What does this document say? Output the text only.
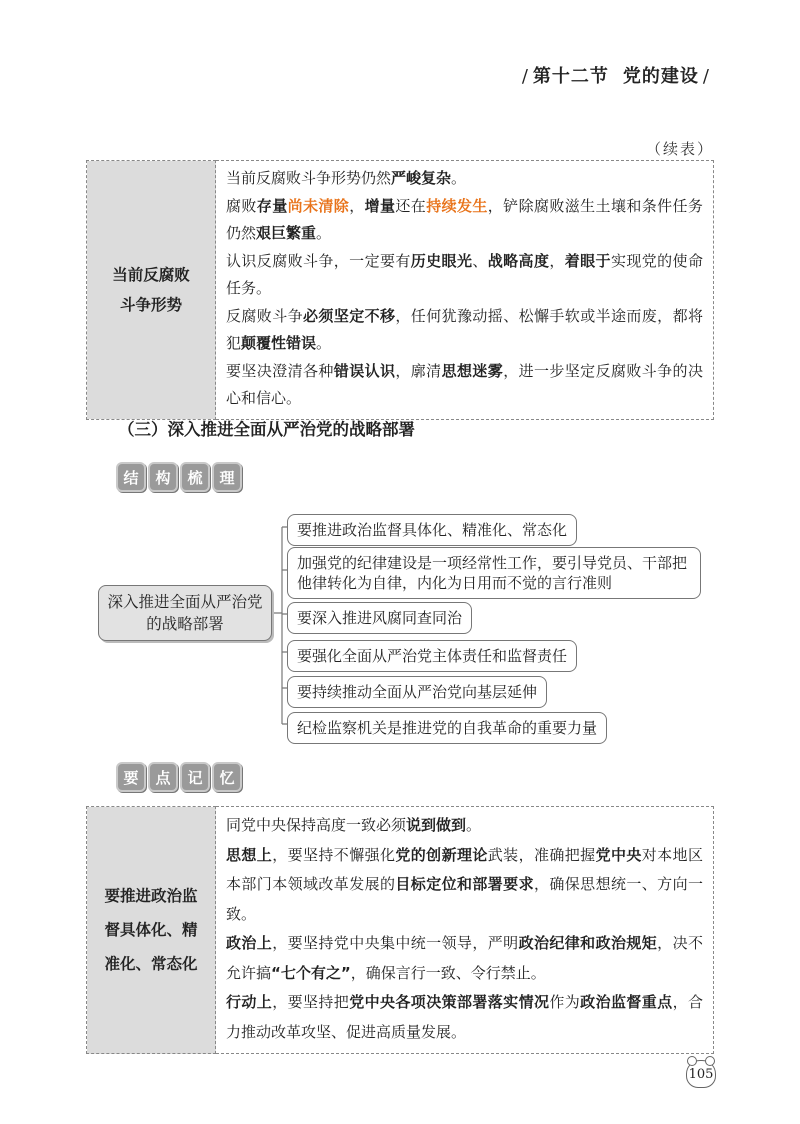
/ 第十二节 党的建设 /
（续表）
当前反腐败
斗争形势

当前反腐败斗争形势仍然严峻复杂。

腐败存量尚未清除，增量还在持续发生，铲除腐败滋生土壤和条件任务仍然艰巨繁重。

认识反腐败斗争，一定要有历史眼光、战略高度，着眼于实现党的使命任务。

反腐败斗争必须坚定不移，任何犹豫动摇、松懈手软或半途而废，都将犯颠覆性错误。

要坚决澄清各种错误认识，廓清思想迷雾，进一步坚定反腐败斗争的决心和信心。

（三）深入推进全面从严治党的战略部署
结	构	梳	理
深入推进全面从严治党
的战略部署
要推进政治监督具体化、精准化、常态化
加强党的纪律建设是一项经常性工作，要引导党员、干部把他律转化为自律，内化为日用而不觉的言行准则
要深入推进风腐同查同治
要强化全面从严治党主体责任和监督责任
要持续推动全面从严治党向基层延伸
纪检监察机关是推进党的自我革命的重要力量
要	点	记	忆
要推进政治监
督具体化、精
准化、常态化

同党中央保持高度一致必须说到做到。

思想上，要坚持不懈强化党的创新理论武装，准确把握党中央对本地区本部门本领域改革发展的目标定位和部署要求，确保思想统一、方向一致。

政治上，要坚持党中央集中统一领导，严明政治纪律和政治规矩，决不允许搞“七个有之”，确保言行一致、令行禁止。

行动上，要坚持把党中央各项决策部署落实情况作为政治监督重点，合力推动改革攻坚、促进高质量发展。

105
